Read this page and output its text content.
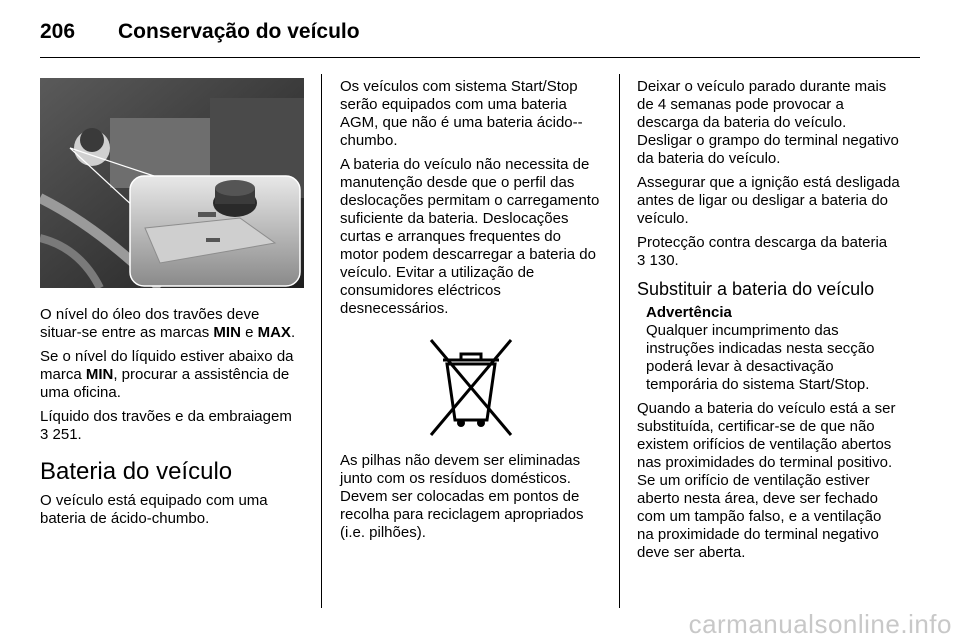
206 Conservação do veículo

O nível do óleo dos travões deve situar-se entre as marcas MIN e MAX.

Se o nível do líquido estiver abaixo da marca MIN, procurar a assistência de uma oficina.

Líquido dos travões e da embraiagem
3 251.

Bateria do veículo

O veículo está equipado com uma bateria de ácido-chumbo.

Os veículos com sistema Start/Stop serão equipados com uma bateria AGM, que não é uma bateria ácido--chumbo.

A bateria do veículo não necessita de manutenção desde que o perfil das deslocações permitam o carregamento suficiente da bateria. Deslocações curtas e arranques frequentes do motor podem descarregar a bateria do veículo. Evitar a utilização de consumidores eléctricos desnecessários.

As pilhas não devem ser eliminadas junto com os resíduos domésticos. Devem ser colocadas em pontos de recolha para reciclagem apropriados (i.e. pilhões).

Deixar o veículo parado durante mais de 4 semanas pode provocar a descarga da bateria do veículo. Desligar o grampo do terminal negativo da bateria do veículo.

Assegurar que a ignição está desligada antes de ligar ou desligar a bateria do veículo.

Protecção contra descarga da bateria
3 130.

Substituir a bateria do veículo
Advertência
Qualquer incumprimento das instruções indicadas nesta secção poderá levar à desactivação temporária do sistema Start/Stop.

Quando a bateria do veículo está a ser substituída, certificar-se de que não existem orifícios de ventilação abertos nas proximidades do terminal positivo. Se um orifício de ventilação estiver aberto nesta área, deve ser fechado com um tampão falso, e a ventilação na proximidade do terminal negativo deve ser aberta.

carmanualsonline.info
